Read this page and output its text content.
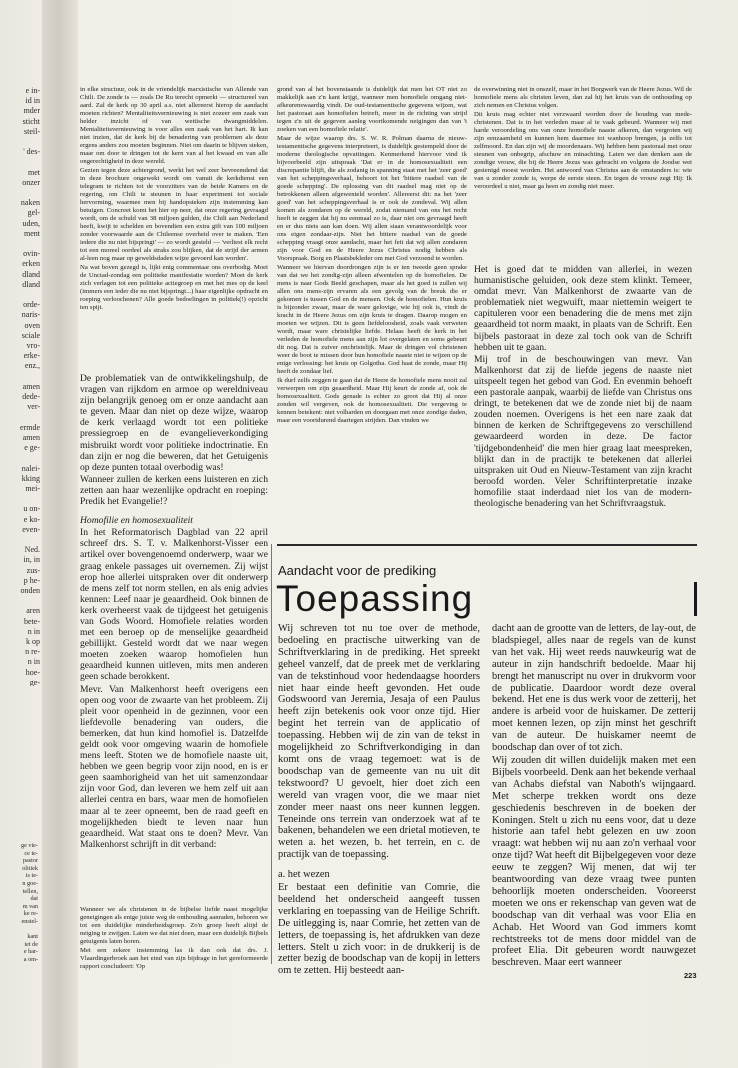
e in-
id in
mder
sticht
steil-

' des-

met
onzer

naken
gel-
uden,
ment

ovin-
erken
dland
dland

orde-
naris-
oven
sciale
vro-
erke-
enz.,

amen
dede-
ver-

ermde
amen
e ge-

nalei-
kking
mei-

u on-
e ko-
even-

Ned.
in, in
zus-
p he-
onden

aren
bete-
n in
k op
n re-
n in
hoe-
ge-

ge vie-
ce te-
pastor
olitiek
is te-
n goe-
tellen,
dat
m van
ke re-
enstel-

kant
iet de
e har-
a om-

in elke structuur, ook in de vriendelijk marxistische van Allende van Chili. De zonde is — zoals De Ru terecht opmerkt — structureel van aard. Zal de kerk op 30 april a.s. niet allereerst hierop de aandacht moeten richten? Mentaliteitsvernieuwing is niet zozeer een zaak van helder inzicht of van wettische dwangmiddelen. Mentaliteitsvernieuwing is voor alles een zaak van het hart. Ik kan niet inzien, dat de kerk bij de benadering van problemen als deze ergens anders zou moeten beginnen. Niet om daarin te blijven steken, maar om door te dringen tot de kern van al het kwaad en van alle ongerechtigheid in deze wereld.

Gezien tegen deze achtergrond, werkt het wel zeer bevreemdend dat in deze brochure ongewekt wordt om vanuit de kerkdienst een telegram te richten tot de voorzitters van de beide Kamers en de regering, om Chili te steunen in haar experiment tot sociale hervorming, waarmee men bij handopsteken zijn instemming kan betuigen. Concreet komt het hier op neer, dat onze regering gevraagd wordt, om de schuld van 38 miljoen gulden, die Chili aan Nederland heeft, kwijt te schelden en bovendien een extra gift van 100 miljoen zonder voorwaarde aan de Chileense overheid over te maken. 'Een iedere die nu niet bijspringt' — zo wordt gesteld — 'verliest elk recht tot een moreel oordeel als straks zou blijken, dat de strijd der armen al-leen nog maar op geweldsdaden wijze gevoerd kan worden'.

Na wat boven gezegd is, lijkt enig commentaar ons overbodig. Moet de Unctad-zondag een politieke manifestatie worden? Moet de kerk zich verlagen tot een politieke actiegroep en met het mes op de keel (immers een ieder die nu niet bijspringt...) haar eigenlijke opdracht en roeping verloochenen? Alle goede bedoelingen in politiek(!) opzicht ten spijt.

De problematiek van de ontwikkelingshulp, de vragen van rijkdom en armoe op wereldniveau zijn belangrijk genoeg om er onze aandacht aan te geven. Maar dan niet op deze wijze, waarop de kerk verlaagd wordt tot een politieke pressiegroep en de evangelieverkondiging misbruikt wordt voor politieke indoctrinatie. En dan zijn er nog die beweren, dat het Getuigenis op deze punten totaal overbodig was!

Wanneer zullen de kerken eens luisteren en zich zetten aan haar wezenlijke opdracht en roeping: Predik het Evangelie!?

Homofilie en homosexualiteit

In het Reformatorisch Dagblad van 22 april schreef drs. S. T. v. Malkenhorst-Visser een artikel over bovengenoemd onderwerp, waar we graag enkele passages uit overnemen. Zij wijst erop hoe allerlei uitspraken over dit onderwerp de mens zelf tot norm stellen, en als enig advies kennen: Leef naar je geaardheid. Ook binnen de kerk overheerst vaak de tijdgeest het getuigenis van Gods Woord. Homofiele relaties worden met een beroep op de menselijke geaardheid gebillijkt. Gesteld wordt dat we naar wegen moeten zoeken waarop homofielen hun geaardheid kunnen uitleven, mits men anderen geen schade berokkent.

Mevr. Van Malkenhorst heeft overigens een open oog voor de zwaarte van het probleem. Zij pleit voor openheid in de gezinnen, voor een liefdevolle benadering van ouders, die bemerken, dat hun kind homofiel is. Datzelfde geldt ook voor omgeving waarin de homofiele mens leeft. Stoten we de homofiele naaste uit, hebben we geen begrip voor zijn nood, en is er geen saamhorigheid van het uit samenzondaar zijn voor God, dan leveren we hem zelf uit aan allerlei centra en bars, waar men de homofielen maar al te zeer opneemt, ben de raad geeft en mogelijkheden biedt te leven naar hun geaardheid. Wat staat ons te doen? Mevr. Van Malkenhorst schrijft in dit verband:

Wanneer we als christenen in de bijbelse liefde naast mogelijke geneigingen als enige juiste weg de onthouding aanraden, behoren we tot een duidelijke minderheidsgroep. Zo'n groep heeft altijd de neiging te zwijgen. Laten we dat niet doen, maar een duidelijk Bijbels getuigenis laten horen.

Met een zekere instemming las ik dan ook dat drs. J. Vlaardingerbroek aan het eind van zijn bijdrage in het gereformeerde rapport concludeert: 'Op

grond van al het bovenstaande is duidelijk dat men het OT niet zo makkelijk aan z'n kant krijgt, wanneer men homofiele omgang niet-afkeurenswaardig vindt. De oud-testamentische gegevens wijzen, wat het pastoraat aan homofielen betreft, meer in de richting van strijd tegen z'n uit de gegeven aanleg voortkomende neigingen dan van 't zoeken van een homofiele relatie'.

Maar de wijze waarop drs. S. W. R. Polman daarna de nieuw-testamentische gegevens interpreteert, is duidelijk gestempeld door de moderne theologische opvattingen. Kenmerkend hiervoor vind ik bijvoorbeeld zijn uitspraak 'Dat er in de homosexualiteit een discrepantie blijft, die als zodanig in spanning staat met het 'zeer goed' van het scheppingsverhaal, behoort tot het 'bittere raadsel van de goede schepping'. De oplossing van dit raadsel mag niet op de betrokkenen alleen afgewenteld worden'. Allereerst dit: na het 'zeer goed' van het scheppingsverhaal is er ook de zondeval. Wij allen komen als zondaren op de wereld, zodat niemand van ons het recht heeft te zeggen dat hij nu eenmaal zo is, daar niet om gevraagd heeft en er dus niets aan kan doen. Wij allen staan verantwoordelijk voor ons eigen zondaar-zijn. Niet het bittere raadsel van de goede schepping vraagt onze aandacht, maar het feit dat wij allen zondaren zijn voor God en de Heere Jezus Christus nodig hebben als Voorspraak. Borg en Plaatsbekleder om met God verzoend te worden.

Wanneer we hiervan doordrongen zijn is er ten tweede geen sprake van dat we het zondig-zijn alleen afwentelen op de homofielen. De mens is naar Gods Beeld geschapen, maar als het goed is zullen wij allen ons mens-zijn ervaren als een gevolg van de breuk die er gekomen is tussen God en de mensen. Ook de homofielen. Hun kruis is bijzonder zwaar, maar de ware gelovige, wie hij ook is, vindt de kracht in de Heere Jezus om zijn kruis te dragen. Daarop mogen en moeten we wijzen. Dit is geen liefdeloosheid, zoals vaak verweten wordt, maar ware christelijke liefde. Helaas heeft de kerk in het verleden de homofiele mens aan zijn lot overgelaten en soms gebeurt dit nog. Dat is zuiver onchristelijk. Maar de dringen vol christenen weer de boot te missen door hun homofiele naaste niet te wijzen op de enige verlossing: het kruis op Golgotha. God haat de zonde, maar Hij heeft de zondaar lief.

Ik durf zelfs zeggen te gaan dat de Heere de homofiele mens nooit zal verwerpen om zijn geaardheid. Maar Hij keurt de zonde af, ook de homosexualiteit. Gods genade is echter zo groot dat Hij al onze zonden wil vergeven, ook de homosexualiteit. Die vergeving te kennen betekent: niet volharden en doorgaan met onze zondige daden, maar een voortdurend daartegen strijden. Dan vinden we

de overwinning niet in onszelf, maar in het Borgwerk van de Heere Jezus. Wil de homofiele mens als christen leven, dan zal hij het kruis van de onthouding op zich nemen en Christus volgen.

Dit kruis mag echter niet verzwaard worden door de houding van mede-christenen. Dat is in het verleden maar al te vaak gebeurd. Wanneer wij met harde veroordeling ons van onze homofiele naaste afkeren, dan vergroten wij zijn eenzaamheid en kunnen hem daarmee tot wanhoop brengen, ja zelfs tot zelfmoord. En dan zijn wij de moordenaars. Wij hebben hem pastoraal met onze steunen van onbegrip, afschuw en minachting. Laten we dan denken aan de zondige vrouw, die bij de Heere Jezus was gebracht en volgens de Joodse wet gestenigd moest worden. Het antwoord van Christus aan de omstanders is: wie van u zonder zonde is, werpe de eerste steen. En tegen de vrouw zegt Hij: Ik veroordeel u niet, maar ga heen en zondig niet meer.

Het is goed dat te midden van allerlei, in wezen humanistische geluiden, ook deze stem klinkt. Temeer, omdat mevr. Van Malkenhorst de zwaarte van de problematiek niet wegwuift, maar niettemin weigert te capituleren voor een benadering die de mens met zijn geaardheid tot norm maakt, in plaats van de Schrift. Een bijbels pastoraat in deze zal toch ook van de Schrift hebben uit te gaan.

Mij trof in de beschouwingen van mevr. Van Malkenhorst dat zij de liefde jegens de naaste niet uitspeelt tegen het gebod van God. En evenmin behoeft een pastorale aanpak, waarbij de liefde van Christus ons dringt, te betekenen dat we de zonde niet bij de naam zouden noemen. Overigens is het een nare zaak dat binnen de kerken de Schriftgegevens zo verschillend gewaardeerd worden in deze. De factor 'tijdgebondenheid' die men hier graag laat meespreken, blijkt dan in de practijk te betekenen dat allerlei uitspraken uit Oud en Nieuw-Testament van zijn kracht beroofd worden. Veler Schriftinterpretatie inzake homofilie staat inderdaad niet los van de modern-theologische benadering van het Schriftvraagstuk.

Aandacht voor de prediking
Toepassing

Wij schreven tot nu toe over de methode, bedoeling en practische uitwerking van de Schriftverklaring in de prediking. Het spreekt geheel vanzelf, dat de preek met de verklaring van de tekstinhoud voor hedendaagse hoorders niet haar einde heeft gevonden. Het oude Godswoord van Jeremia, Jesaja of een Paulus heeft zijn betekenis ook voor onze tijd. Hier begint het terrein van de applicatio of toepassing. Hebben wij de zin van de tekst in mogelijkheid zo Schriftverkondiging in dan komt ons de vraag tegemoet: wat is de boodschap van de gemeente van nu uit dit tekstwoord? U gevoelt, hier doet zich een wereld van vragen voor, die we maar niet zonder meer naast ons neer kunnen leggen. Teneinde ons terrein van onderzoek wat af te bakenen, behandelen we een drietal motieven, te weten a. het wezen, b. het terrein, en c. de practijk van de toepassing.

a. het wezen

Er bestaat een definitie van Comrie, die beeldend het onderscheid aangeeft tussen verklaring en toepassing van de Heilige Schrift. De uitlegging is, naar Comrie, het zetten van de letters, de toepassing is, het afdrukken van deze letters. Stelt u zich voor: in de drukkerij is de zetter bezig de boodschap van de kopij in letters om te zetten. Hij besteedt aan-

dacht aan de grootte van de letters, de lay-out, de bladspiegel, alles naar de regels van de kunst van het vak. Hij weet reeds nauwkeurig wat de auteur in zijn handschrift bedoelde. Maar hij brengt het manuscript nu over in drukvorm voor de publicatie. Daardoor wordt deze overal bekend. Het ene is dus werk voor de zetterij, het andere is arbeid voor de huiskamer. De zetterij moet kennen lezen, op zijn minst het geschrift van de auteur. De huiskamer neemt de boodschap dan over of tot zich.

Wij zouden dit willen duidelijk maken met een Bijbels voorbeeld. Denk aan het bekende verhaal van Achabs diefstal van Naboth's wijngaard. Met scherpe trekken wordt ons deze geschiedenis beschreven in de boeken der Koningen. Stelt u zich nu eens voor, dat u deze historie aan tafel hebt gelezen en uw zoon vraagt: wat hebben wij nu aan zo'n verhaal voor onze tijd? Wat heeft dit Bijbelgegeven voor deze eeuw te zeggen? Wij menen, dat wij ter beantwoording van deze vraag twee punten behoorlijk moeten onderscheiden. Vooreerst moeten we ons er rekenschap van geven wat de boodschap van dit verhaal was voor Elia en Achab. Het Woord van God immers komt rechtstreeks tot de mens door middel van de profeet Elia. Dit gebeuren wordt nauwgezet beschreven. Maar eert wanneer

223
